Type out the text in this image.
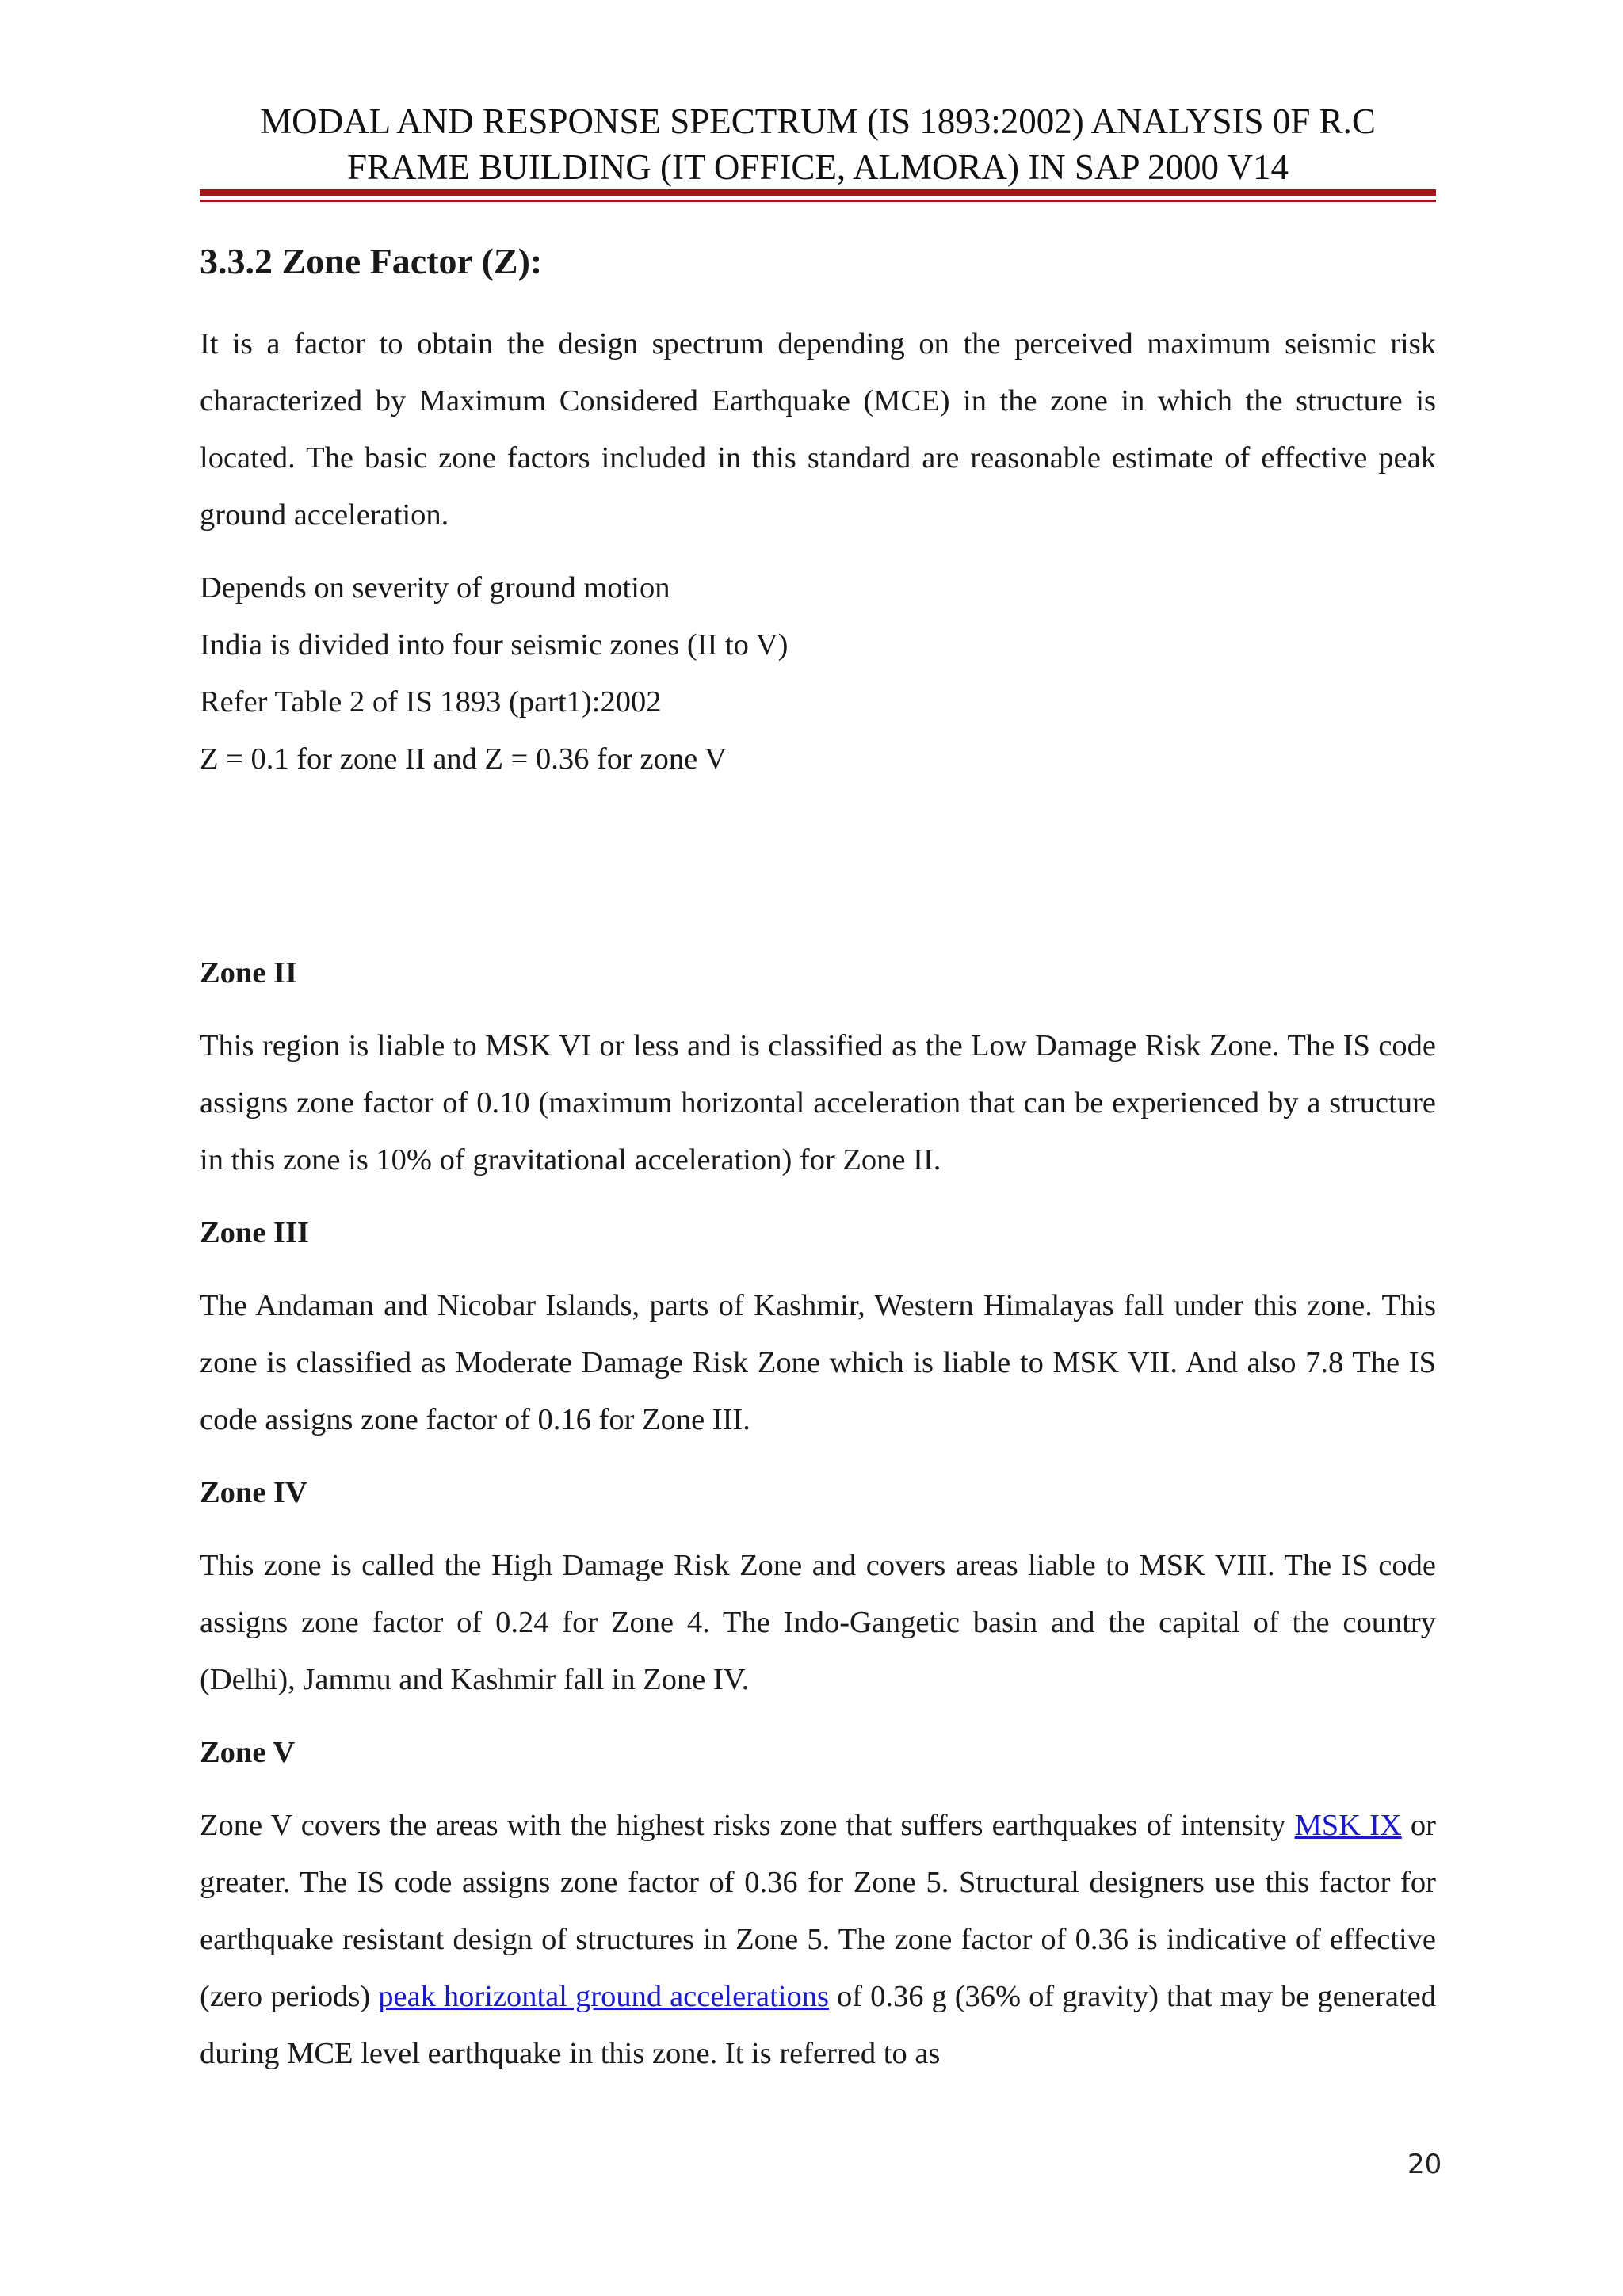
MODAL AND RESPONSE SPECTRUM (IS 1893:2002) ANALYSIS 0F R.C
FRAME BUILDING (IT OFFICE, ALMORA) IN SAP 2000 V14
3.3.2 Zone Factor (Z):

It is a factor to obtain the design spectrum depending on the perceived maximum seismic risk characterized by Maximum Considered Earthquake (MCE) in the zone in which the structure is located. The basic zone factors included in this standard are reasonable estimate of effective peak ground acceleration.

Depends on severity of ground motion

India is divided into four seismic zones (II to V)

Refer Table 2 of IS 1893 (part1):2002

Z = 0.1 for zone II and Z = 0.36 for zone V

Zone II

This region is liable to MSK VI or less and is classified as the Low Damage Risk Zone. The IS code assigns zone factor of 0.10 (maximum horizontal acceleration that can be experienced by a structure in this zone is 10% of gravitational acceleration) for Zone II.

Zone III

The Andaman and Nicobar Islands, parts of Kashmir, Western Himalayas fall under this zone. This zone is classified as Moderate Damage Risk Zone which is liable to MSK VII. And also 7.8 The IS code assigns zone factor of 0.16 for Zone III.

Zone IV

This zone is called the High Damage Risk Zone and covers areas liable to MSK VIII. The IS code assigns zone factor of 0.24 for Zone 4. The Indo-Gangetic basin and the capital of the country (Delhi), Jammu and Kashmir fall in Zone IV.

Zone V

Zone V covers the areas with the highest risks zone that suffers earthquakes of intensity MSK IX or greater. The IS code assigns zone factor of 0.36 for Zone 5. Structural designers use this factor for earthquake resistant design of structures in Zone 5. The zone factor of 0.36 is indicative of effective (zero periods) peak horizontal ground accelerations of 0.36 g (36% of gravity) that may be generated during MCE level earthquake in this zone. It is referred to as

20
